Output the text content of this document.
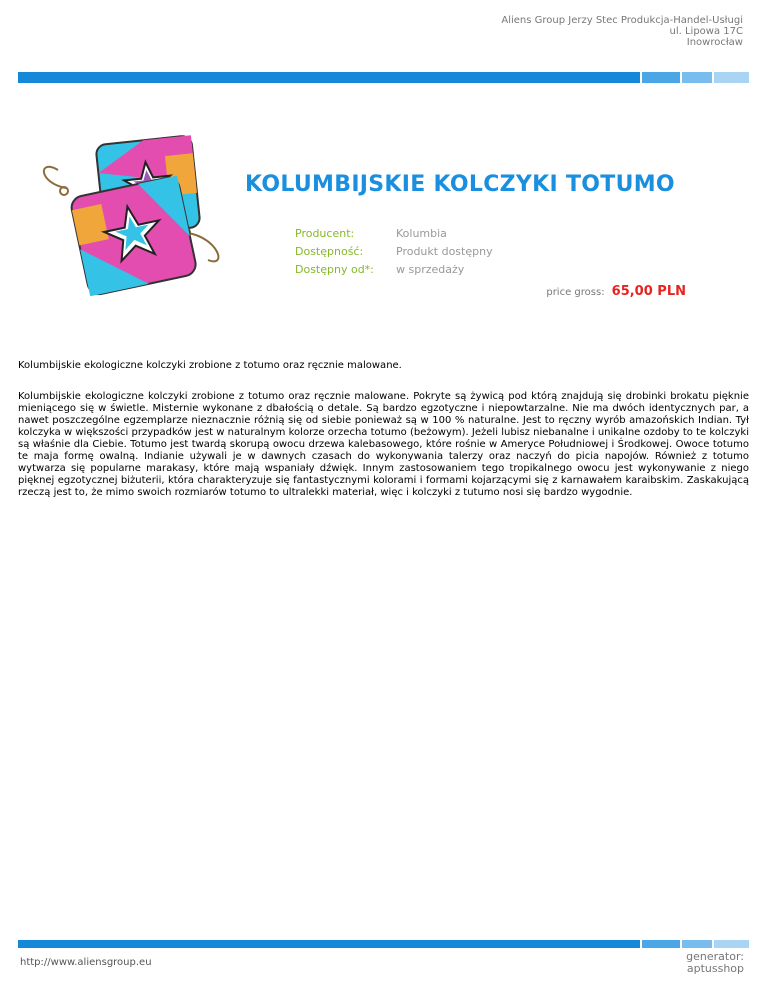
Aliens Group Jerzy Stec Produkcja-Handel-Usługi
ul. Lipowa 17C
Inowrocław
KOLUMBIJSKIE KOLCZYKI TOTUMO
Producent:	Kolumbia
Dostępność:	Produkt dostępny
Dostępny od*:	w sprzedaży
price gross: 65,00 PLN

Kolumbijskie ekologiczne kolczyki zrobione z totumo oraz ręcznie malowane.

Kolumbijskie ekologiczne kolczyki zrobione z totumo oraz ręcznie malowane. Pokryte są żywicą pod którą znajdują się drobinki brokatu pięknie mieniącego się w świetle. Misternie wykonane z dbałością o detale. Są bardzo egzotyczne i niepowtarzalne. Nie ma dwóch identycznych par, a nawet poszczególne egzemplarze nieznacznie różnią się od siebie ponieważ są w 100 % naturalne. Jest to ręczny wyrób amazońskich Indian. Tył kolczyka w większości przypadków jest w naturalnym kolorze orzecha totumo (beżowym). Jeżeli lubisz niebanalne i unikalne ozdoby to te kolczyki są właśnie dla Ciebie. Totumo jest twardą skorupą owocu drzewa kalebasowego, które rośnie w Ameryce Południowej i Środkowej. Owoce totumo te maja formę owalną. Indianie używali je w dawnych czasach do wykonywania talerzy oraz naczyń do picia napojów. Również z totumo wytwarza się popularne marakasy, które mają wspaniały dźwięk. Innym zastosowaniem tego tropikalnego owocu jest wykonywanie z niego pięknej egzotycznej biżuterii, która charakteryzuje się fantastycznymi kolorami i formami kojarzącymi się z karnawałem karaibskim. Zaskakującą rzeczą jest to, że mimo swoich rozmiarów totumo to ultralekki materiał, więc i kolczyki z tutumo nosi się bardzo wygodnie.

http://www.aliensgroup.eu	generator:
aptusshop
